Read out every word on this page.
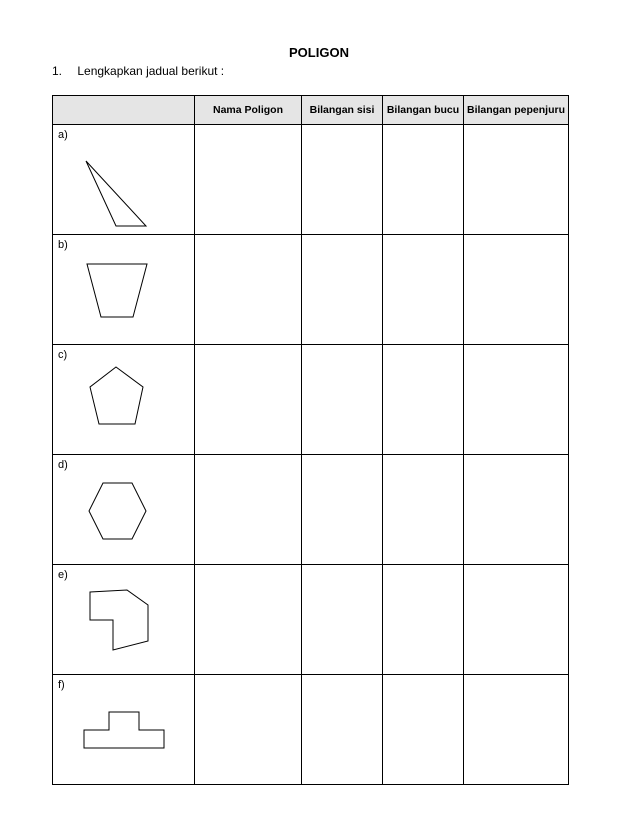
POLIGON
1. Lengkapkan jadual berikut :
	Nama Poligon	Bilangan sisi	Bilangan bucu	Bilangan pepenjuru

a)				

b)				

c)				

d)				

e)				

f)				
